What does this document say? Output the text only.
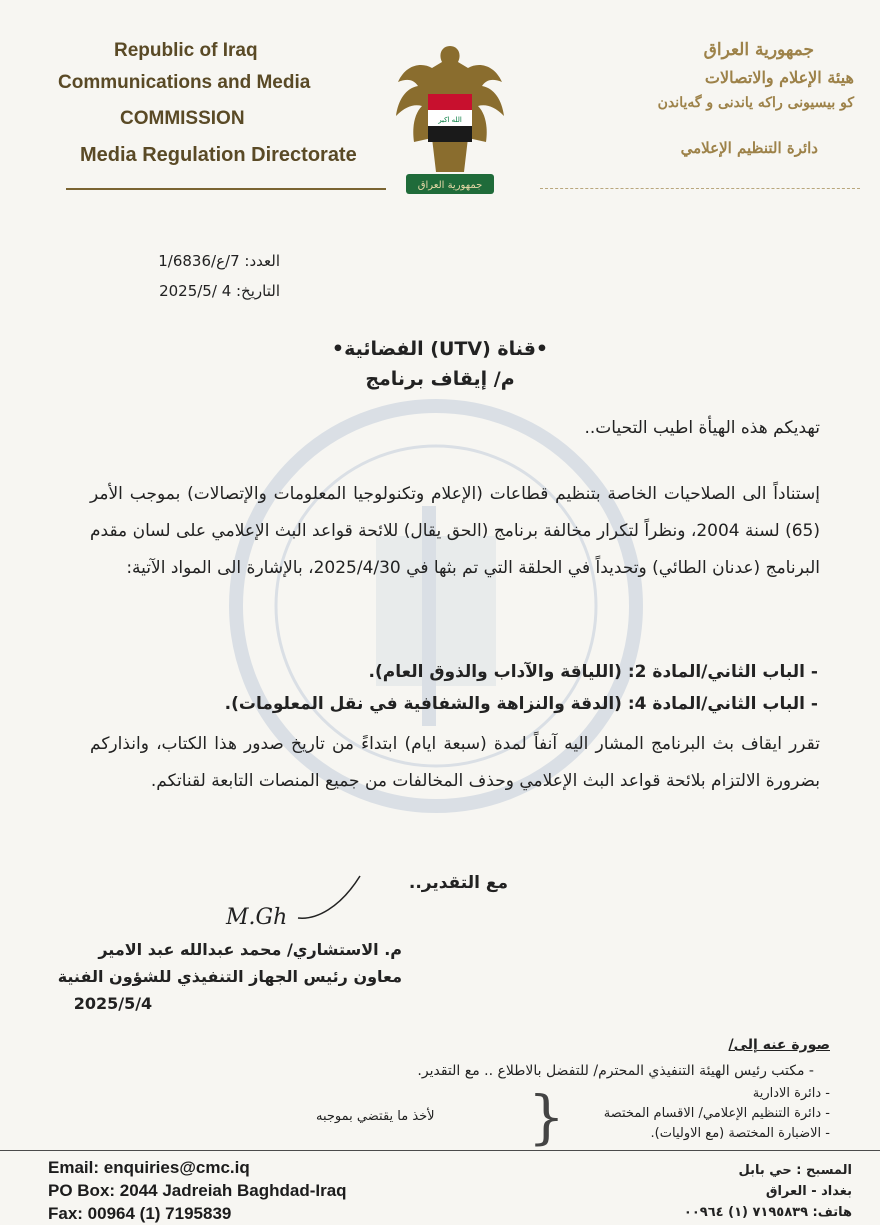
Republic of Iraq
Communications and Media
COMMISSION
Media Regulation Directorate
الله اكبر
جمهورية العراق
جمهورية العراق
هيئة الإعلام والاتصالات
كو بيسيونى راكه ياندنى و گەياندن
دائرة التنظيم الإعلامي
العدد: 7/ع/1/6836
التاريخ: 4 /2025/5
•قناة (UTV) الفضائية•
م/ إيقاف برنامج
تهديكم هذه الهيأة اطيب التحيات..

إستناداً الى الصلاحيات الخاصة بتنظيم قطاعات (الإعلام وتكنولوجيا المعلومات والإتصالات) بموجب الأمر (65) لسنة 2004، ونظراً لتكرار مخالفة برنامج (الحق يقال) للائحة قواعد البث الإعلامي على لسان مقدم البرنامج (عدنان الطائي) وتحديداً في الحلقة التي تم بثها في 2025/4/30، بالإشارة الى المواد الآتية:

- الباب الثاني/المادة 2: (اللياقة والآداب والذوق العام).
- الباب الثاني/المادة 4: (الدقة والنزاهة والشفافية في نقل المعلومات).

تقرر ايقاف بث البرنامج المشار اليه آنفاً لمدة (سبعة ايام) ابتداءً من تاريخ صدور هذا الكتاب، وانذاركم بضرورة الالتزام بلائحة قواعد البث الإعلامي وحذف المخالفات من جميع المنصات التابعة لقناتكم.

مع التقدير..
M.Gh
م. الاستشاري/ محمد عبدالله عبد الامير
معاون رئيس الجهاز التنفيذي للشؤون الفنية
2025/5/4
صورة عنه إلى/
- مكتب رئيس الهيئة التنفيذي المحترم/ للتفضل بالاطلاع .. مع التقدير.
}	- دائرة الادارية
- دائرة التنظيم الإعلامي/ الاقسام المختصة
- الاضبارة المختصة (مع الاوليات).
لأخذ ما يقتضي بموجبه
Email: enquiries@cmc.iq
PO Box: 2044 Jadreiah Baghdad-Iraq
Fax: 00964 (1) 7195839
المسبح : حي بابل
بغداد - العراق
هاتف: ٧١٩٥٨٣٩ (١) ٠٠٩٦٤
